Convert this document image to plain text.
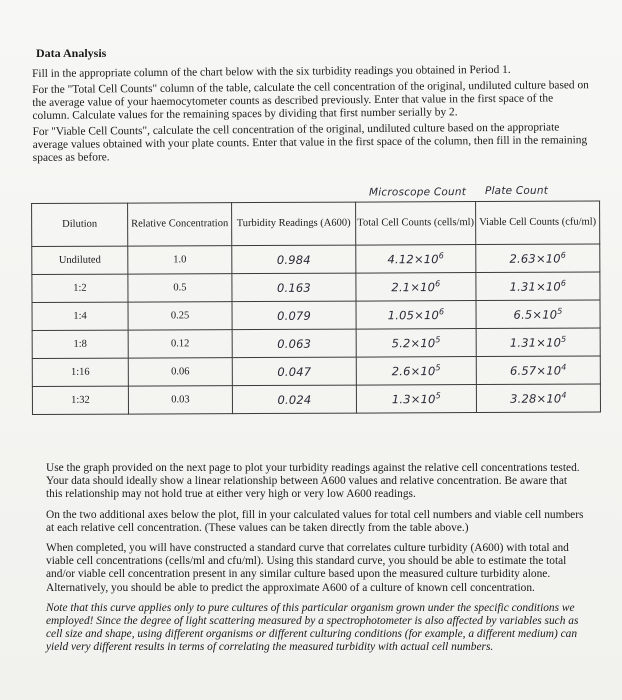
Data Analysis

Fill in the appropriate column of the chart below with the six turbidity readings you obtained in Period 1.

For the "Total Cell Counts" column of the table, calculate the cell concentration of the original, undiluted culture based on the average value of your haemocytometer counts as described previously. Enter that value in the first space of the column. Calculate values for the remaining spaces by dividing that first number serially by 2.

For "Viable Cell Counts", calculate the cell concentration of the original, undiluted culture based on the appropriate average values obtained with your plate counts. Enter that value in the first space of the column, then fill in the remaining spaces as before.

Microscope Count Plate Count
Dilution	Relative Concentration	Turbidity Readings (A600)	Total Cell Counts (cells/ml)	Viable Cell Counts (cfu/ml)
Undiluted	1.0	0.984	$4.12\times 10^6$	$2.63\times 10^6$
1:2	0.5	0.163	$2.1\times 10^6$	$1.31\times 10^6$
1:4	0.25	0.079	$1.05\times 10^6$	$6.5\times 10^5$
1:8	0.12	0.063	$5.2\times 10^5$	$1.31\times 10^5$
1:16	0.06	0.047	$2.6\times 10^5$	$6.57\times 10^4$
1:32	0.03	0.024	$1.3\times 10^5$	$3.28\times 10^4$

Use the graph provided on the next page to plot your turbidity readings against the relative cell concentrations tested. Your data should ideally show a linear relationship between A600 values and relative concentration. Be aware that this relationship may not hold true at either very high or very low A600 readings.

On the two additional axes below the plot, fill in your calculated values for total cell numbers and viable cell numbers at each relative cell concentration. (These values can be taken directly from the table above.)

When completed, you will have constructed a standard curve that correlates culture turbidity (A600) with total and viable cell concentrations (cells/ml and cfu/ml). Using this standard curve, you should be able to estimate the total and/or viable cell concentration present in any similar culture based upon the measured culture turbidity alone. Alternatively, you should be able to predict the approximate A600 of a culture of known cell concentration.

Note that this curve applies only to pure cultures of this particular organism grown under the specific conditions we employed! Since the degree of light scattering measured by a spectrophotometer is also affected by variables such as cell size and shape, using different organisms or different culturing conditions (for example, a different medium) can yield very different results in terms of correlating the measured turbidity with actual cell numbers.
